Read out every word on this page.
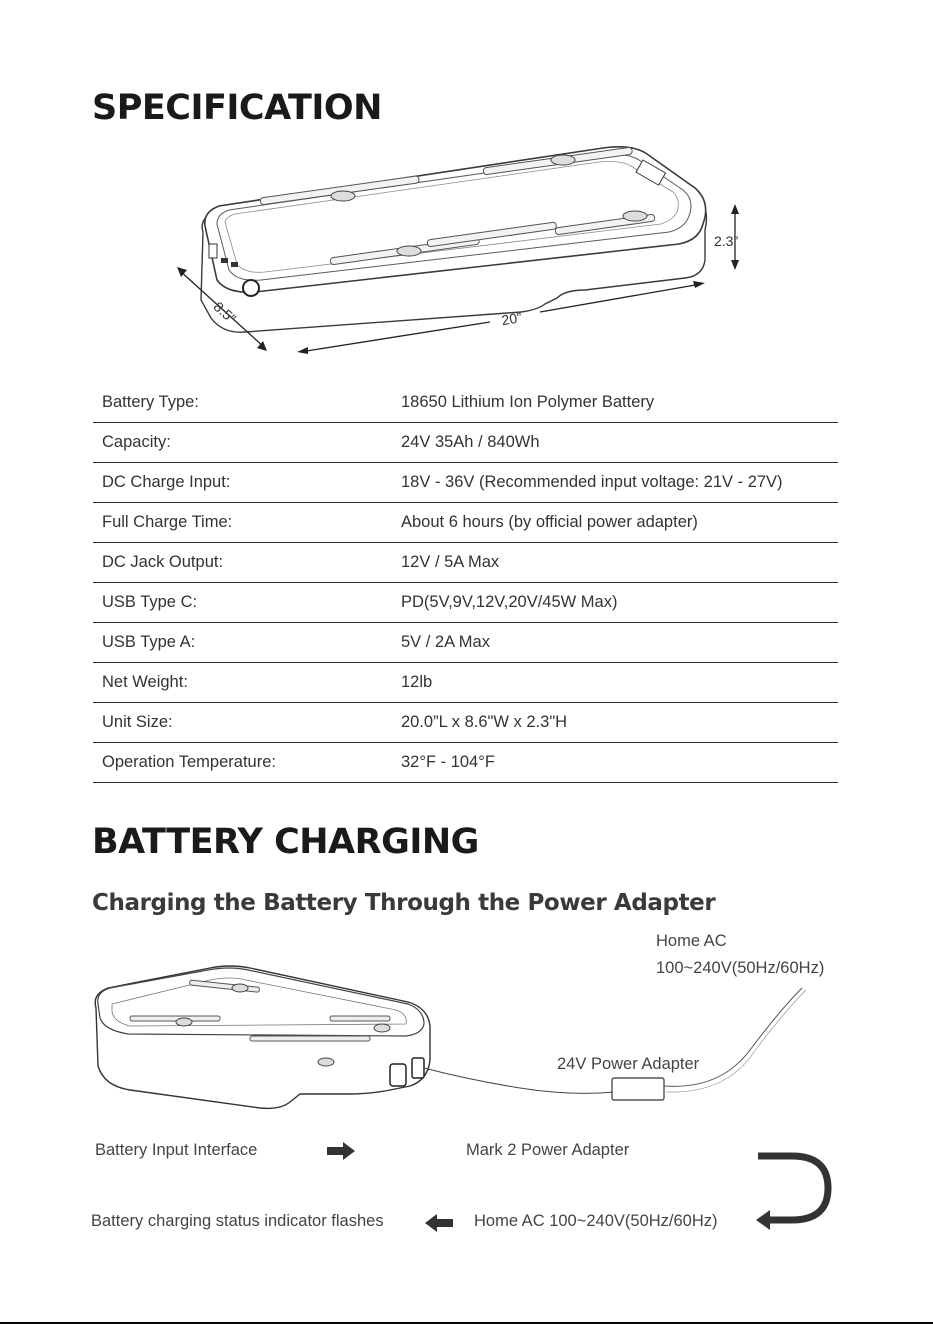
SPECIFICATION
2.3”
8.5”	20”
Battery Type:	18650 Lithium Ion Polymer Battery
Capacity:	24V 35Ah / 840Wh
DC Charge Input:	18V - 36V (Recommended input voltage: 21V - 27V)
Full Charge Time:	About 6 hours (by official power adapter)
DC Jack Output:	12V / 5A Max
USB Type C:	PD(5V,9V,12V,20V/45W Max)
USB Type A:	5V / 2A Max
Net Weight:	12lb
Unit Size:	20.0”L x 8.6"W x 2.3"H
Operation Temperature:	32°F - 104°F
BATTERY CHARGING
Charging the Battery Through the Power Adapter
Home AC
100~240V(50Hz/60Hz)
24V Power Adapter
Battery Input Interface	Mark 2 Power Adapter
Battery charging status indicator flashes	Home AC 100~240V(50Hz/60Hz)
